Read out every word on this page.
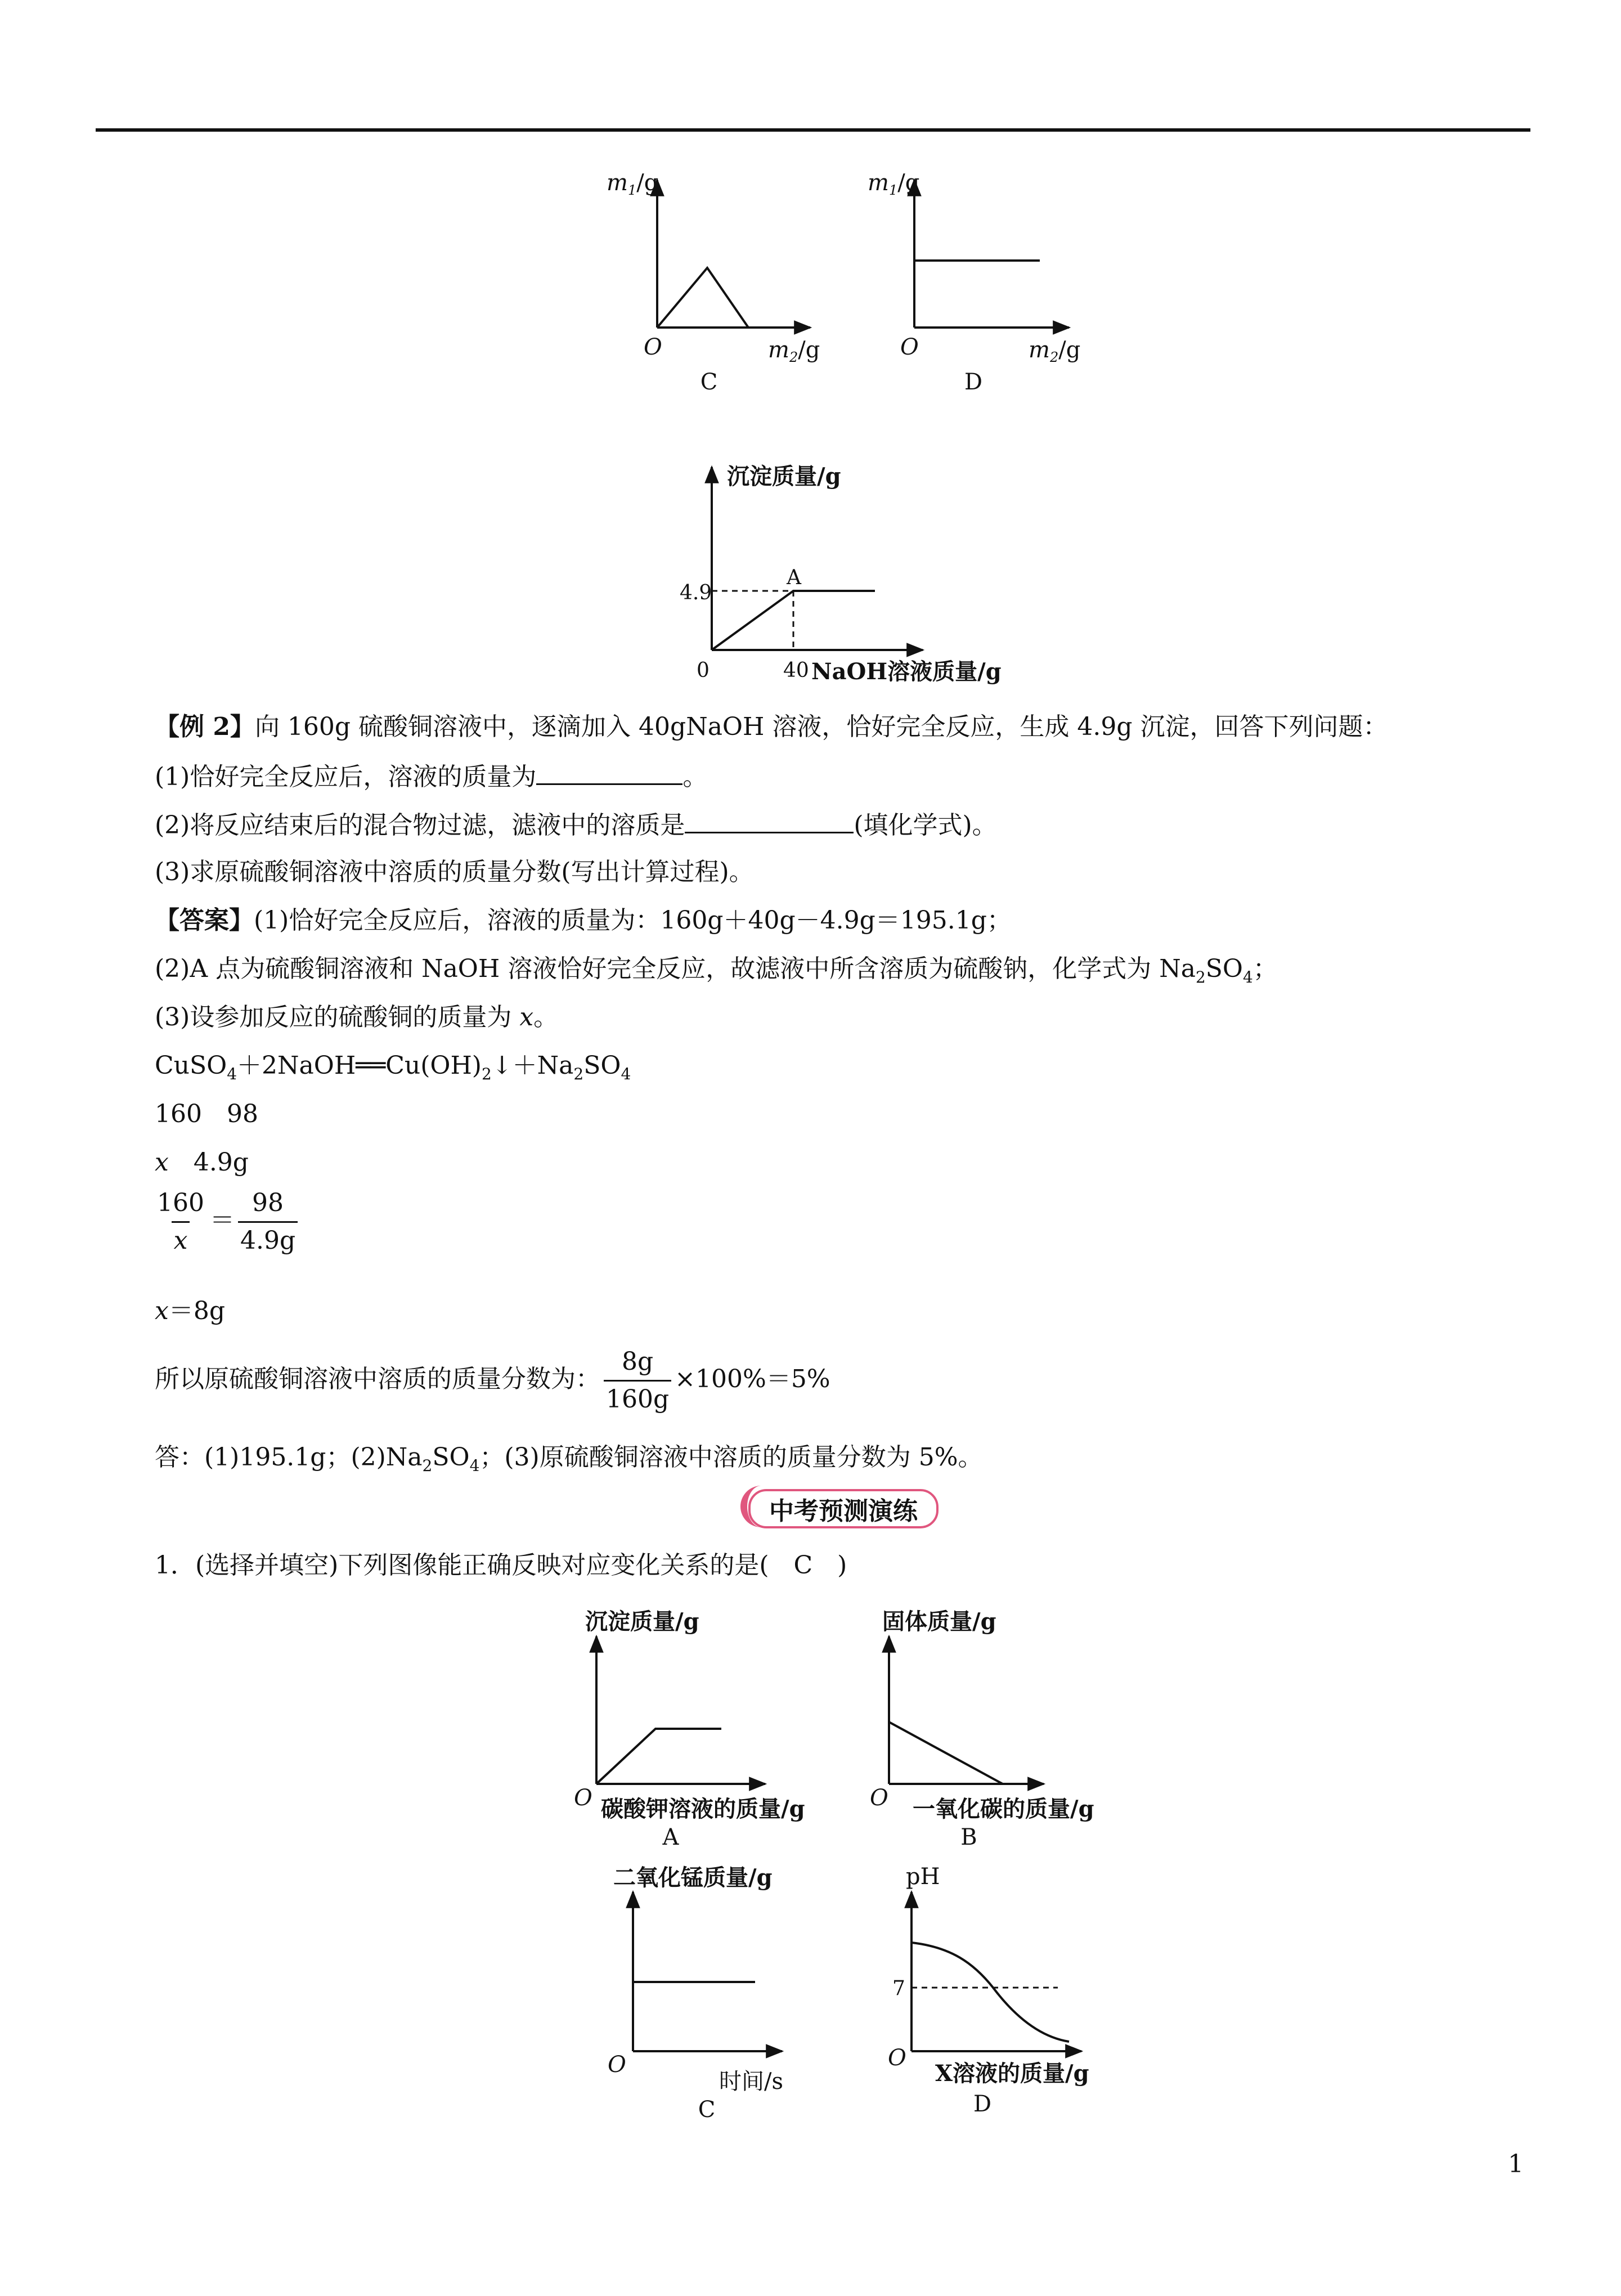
$m_1/g$
O	$m_2/g$
C
$m_1/g$
O	$m_2/g$
D
沉淀质量/g
4.9
A
0	40 NaOH溶液质量/g
【例 2】向 160g 硫酸铜溶液中，逐滴加入 40gNaOH 溶液，恰好完全反应，生成 4.9g 沉淀，回答下列问题：
(1)恰好完全反应后，溶液的质量为	。
(2)将反应结束后的混合物过滤，滤液中的溶质是	(填化学式)。
(3)求原硫酸铜溶液中溶质的质量分数(写出计算过程)。
【答案】(1)恰好完全反应后，溶液的质量为：160g＋40g－4.9g＝195.1g；
(2)A 点为硫酸铜溶液和 NaOH 溶液恰好完全反应，故滤液中所含溶质为硫酸钠，化学式为 $Na_2SO_4$；
(3)设参加反应的硫酸铜的质量为 x。
$CuSO_4+2NaOH══Cu(OH)_2↓+Na_2SO_4$
160　98
x　4.9g
$\frac{160}{x} = \frac{98}{4.9g}$
x＝8g
所以原硫酸铜溶液中溶质的质量分数为： $\frac{8g}{160g} \times 100\%=5\%$
答：(1)195.1g；$(2)Na_2SO_4$；(3)原硫酸铜溶液中溶质的质量分数为 5%。
中考预测演练
1．(选择并填空)下列图像能正确反映对应变化关系的是(　C　)
沉淀质量/g
O 碳酸钾溶液的质量/g
A
固体质量/g
O 一氧化碳的质量/g
B
二氧化锰质量/g
O
时间/s
C
pH
7
O
X溶液的质量/g
D
1
